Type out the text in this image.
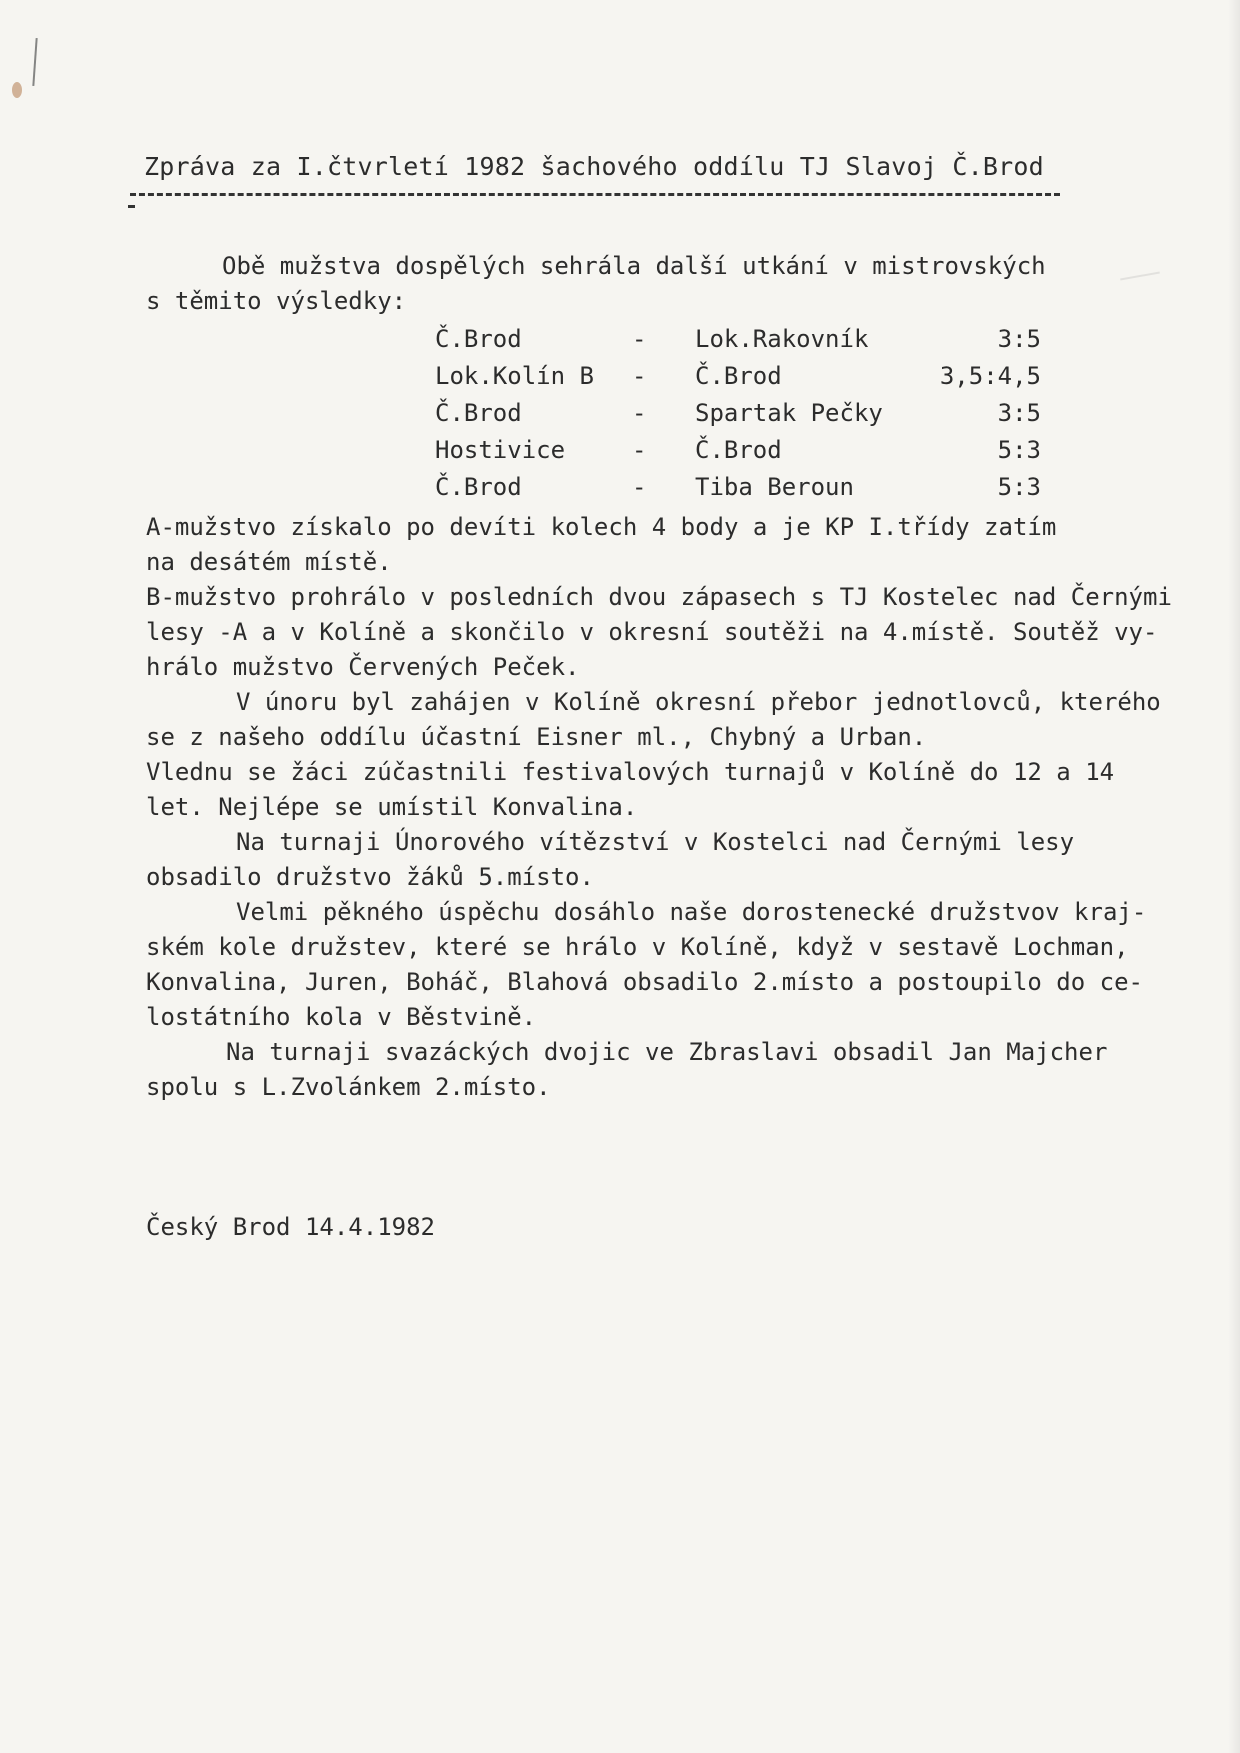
Zpráva za I.čtvrletí 1982 šachového oddílu TJ Slavoj Č.Brod
Obě mužstva dospělých sehrála další utkání v mistrovských
s těmito výsledky:
Č.Brod	- Lok.Rakovník	3:5
Lok.Kolín B - Č.Brod	3,5:4,5
Č.Brod	- Spartak Pečky	3:5
Hostivice	- Č.Brod	5:3
Č.Brod	- Tiba Beroun	5:3
A-mužstvo získalo po devíti kolech 4 body a je KP I.třídy zatím
na desátém místě.
B-mužstvo prohrálo v posledních dvou zápasech s TJ Kostelec nad Černými
lesy -A a v Kolíně a skončilo v okresní soutěži na 4.místě. Soutěž vy-
hrálo mužstvo Červených Peček.
V únoru byl zahájen v Kolíně okresní přebor jednotlovců, kterého
se z našeho oddílu účastní Eisner ml., Chybný a Urban.
Vlednu se žáci zúčastnili festivalových turnajů v Kolíně do 12 a 14
let. Nejlépe se umístil Konvalina.
Na turnaji Únorového vítězství v Kostelci nad Černými lesy
obsadilo družstvo žáků 5.místo.
Velmi pěkného úspěchu dosáhlo naše dorostenecké družstvov kraj-
ském kole družstev, které se hrálo v Kolíně, když v sestavě Lochman,
Konvalina, Juren, Boháč, Blahová obsadilo 2.místo a postoupilo do ce-
lostátního kola v Běstvině.
Na turnaji svazáckých dvojic ve Zbraslavi obsadil Jan Majcher
spolu s L.Zvolánkem 2.místo.
Český Brod 14.4.1982
